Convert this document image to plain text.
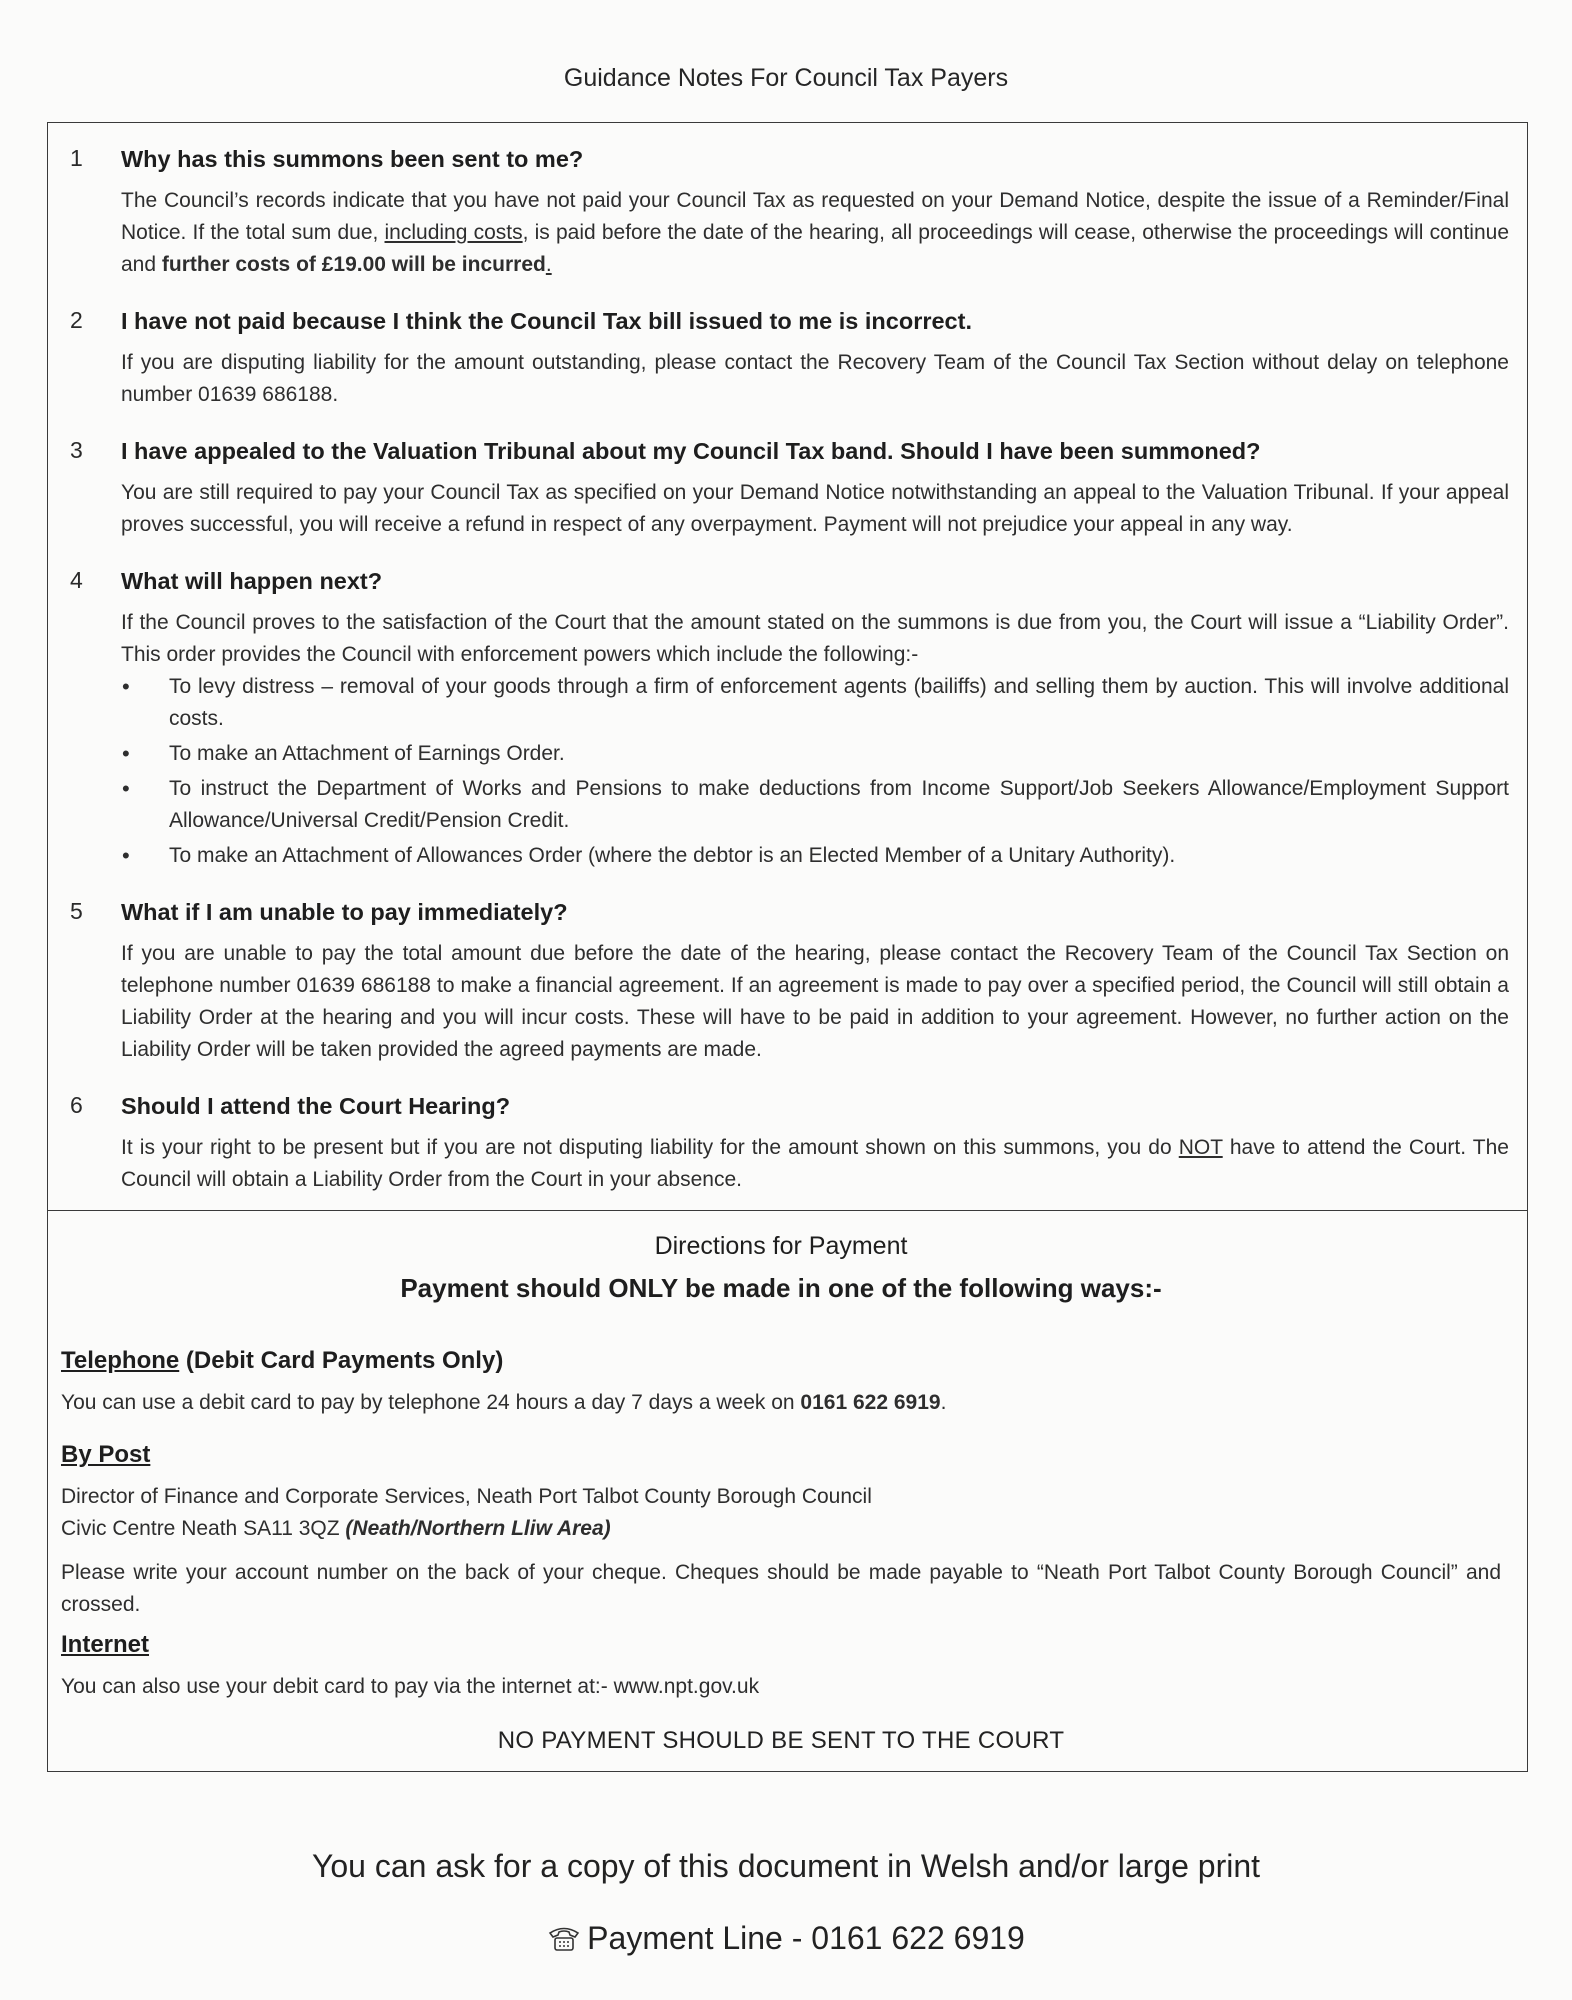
Guidance Notes For Council Tax Payers
1 Why has this summons been sent to me?
The Council’s records indicate that you have not paid your Council Tax as requested on your Demand Notice, despite the issue of a Reminder/Final Notice. If the total sum due, including costs, is paid before the date of the hearing, all proceedings will cease, otherwise the proceedings will continue and further costs of £19.00 will be incurred.
2 I have not paid because I think the Council Tax bill issued to me is incorrect.
If you are disputing liability for the amount outstanding, please contact the Recovery Team of the Council Tax Section without delay on telephone number 01639 686188.
3 I have appealed to the Valuation Tribunal about my Council Tax band. Should I have been summoned?
You are still required to pay your Council Tax as specified on your Demand Notice notwithstanding an appeal to the Valuation Tribunal. If your appeal proves successful, you will receive a refund in respect of any overpayment. Payment will not prejudice your appeal in any way.
4 What will happen next?
If the Council proves to the satisfaction of the Court that the amount stated on the summons is due from you, the Court will issue a “Liability Order”. This order provides the Council with enforcement powers which include the following:-
• To levy distress – removal of your goods through a firm of enforcement agents (bailiffs) and selling them by auction. This will involve additional costs.
• To make an Attachment of Earnings Order.
• To instruct the Department of Works and Pensions to make deductions from Income Support/Job Seekers Allowance/Employment Support Allowance/Universal Credit/Pension Credit.
• To make an Attachment of Allowances Order (where the debtor is an Elected Member of a Unitary Authority).
5 What if I am unable to pay immediately?
If you are unable to pay the total amount due before the date of the hearing, please contact the Recovery Team of the Council Tax Section on telephone number 01639 686188 to make a financial agreement. If an agreement is made to pay over a specified period, the Council will still obtain a Liability Order at the hearing and you will incur costs. These will have to be paid in addition to your agreement. However, no further action on the Liability Order will be taken provided the agreed payments are made.
6 Should I attend the Court Hearing?
It is your right to be present but if you are not disputing liability for the amount shown on this summons, you do NOT have to attend the Court. The Council will obtain a Liability Order from the Court in your absence.
Directions for Payment
Payment should ONLY be made in one of the following ways:-
Telephone (Debit Card Payments Only)
You can use a debit card to pay by telephone 24 hours a day 7 days a week on 0161 622 6919.
By Post
Director of Finance and Corporate Services, Neath Port Talbot County Borough Council
Civic Centre Neath SA11 3QZ (Neath/Northern Lliw Area)
Please write your account number on the back of your cheque. Cheques should be made payable to “Neath Port Talbot County Borough Council” and crossed.
Internet
You can also use your debit card to pay via the internet at:- www.npt.gov.uk
NO PAYMENT SHOULD BE SENT TO THE COURT
You can ask for a copy of this document in Welsh and/or large print
Payment Line - 0161 622 6919
